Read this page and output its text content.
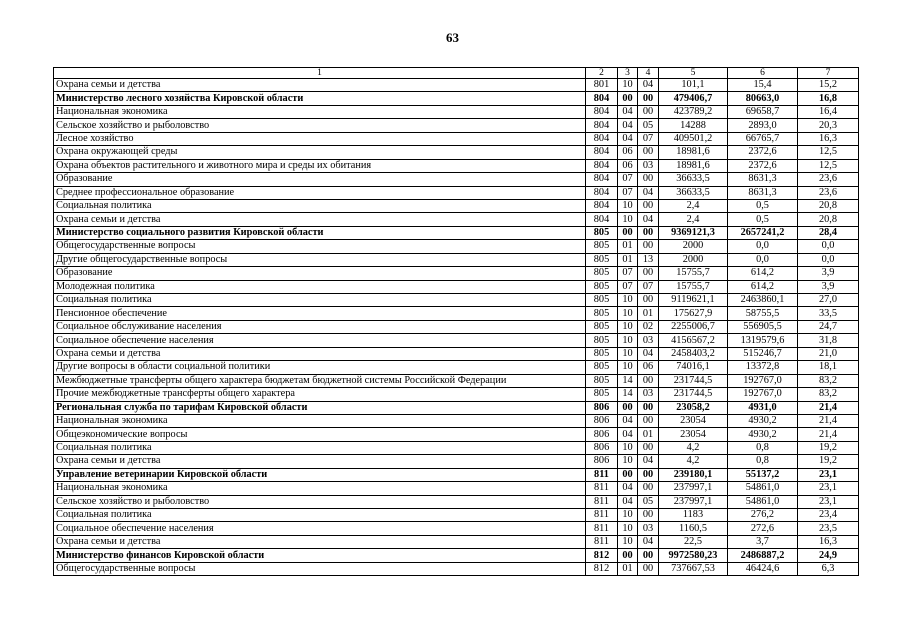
63
1	2	3	4	5	6	7
Охрана семьи и детства	801	10	04	101,1	15,4	15,2
Министерство лесного хозяйства Кировской области	804	00	00	479406,7	80663,0	16,8
Национальная экономика	804	04	00	423789,2	69658,7	16,4
Сельское хозяйство и рыболовство	804	04	05	14288	2893,0	20,3
Лесное хозяйство	804	04	07	409501,2	66765,7	16,3
Охрана окружающей среды	804	06	00	18981,6	2372,6	12,5
Охрана объектов растительного и животного мира и среды их обитания	804	06	03	18981,6	2372,6	12,5
Образование	804	07	00	36633,5	8631,3	23,6
Среднее профессиональное образование	804	07	04	36633,5	8631,3	23,6
Социальная политика	804	10	00	2,4	0,5	20,8
Охрана семьи и детства	804	10	04	2,4	0,5	20,8
Министерство социального развития Кировской области	805	00	00	9369121,3	2657241,2	28,4
Общегосударственные вопросы	805	01	00	2000	0,0	0,0
Другие общегосударственные вопросы	805	01	13	2000	0,0	0,0
Образование	805	07	00	15755,7	614,2	3,9
Молодежная политика	805	07	07	15755,7	614,2	3,9
Социальная политика	805	10	00	9119621,1	2463860,1	27,0
Пенсионное обеспечение	805	10	01	175627,9	58755,5	33,5
Социальное обслуживание населения	805	10	02	2255006,7	556905,5	24,7
Социальное обеспечение населения	805	10	03	4156567,2	1319579,6	31,8
Охрана семьи и детства	805	10	04	2458403,2	515246,7	21,0
Другие вопросы в области социальной политики	805	10	06	74016,1	13372,8	18,1
Межбюджетные трансферты общего характера бюджетам бюджетной системы Российской Федерации	805	14	00	231744,5	192767,0	83,2
Прочие межбюджетные трансферты общего характера	805	14	03	231744,5	192767,0	83,2
Региональная служба по тарифам Кировской области	806	00	00	23058,2	4931,0	21,4
Национальная экономика	806	04	00	23054	4930,2	21,4
Общеэкономические вопросы	806	04	01	23054	4930,2	21,4
Социальная политика	806	10	00	4,2	0,8	19,2
Охрана семьи и детства	806	10	04	4,2	0,8	19,2
Управление ветеринарии Кировской области	811	00	00	239180,1	55137,2	23,1
Национальная экономика	811	04	00	237997,1	54861,0	23,1
Сельское хозяйство и рыболовство	811	04	05	237997,1	54861,0	23,1
Социальная политика	811	10	00	1183	276,2	23,4
Социальное обеспечение населения	811	10	03	1160,5	272,6	23,5
Охрана семьи и детства	811	10	04	22,5	3,7	16,3
Министерство финансов Кировской области	812	00	00	9972580,23	2486887,2	24,9
Общегосударственные вопросы	812	01	00	737667,53	46424,6	6,3
